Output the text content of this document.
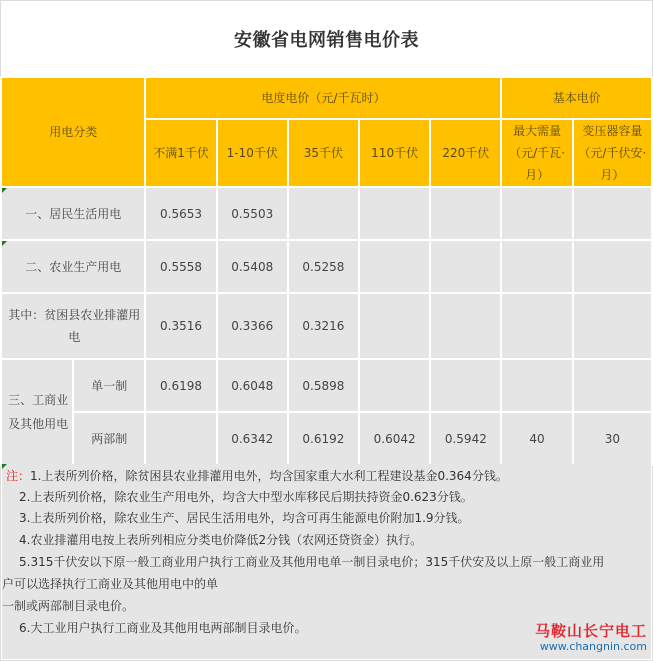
安徽省电网销售电价表
用电分类		电度电价（元/千瓦时）					基本电价	
		不满1千伏	1-10千伏	35千伏	110千伏	220千伏	最大需量（元/千瓦·月）	变压器容量（元/千伏安·月）
一、居民生活用电		0.5653	0.5503					
二、农业生产用电		0.5558	0.5408	0.5258				
其中：贫困县农业排灌用电		0.3516	0.3366	0.3216				
三、工商业及其他用电	单一制	0.6198	0.6048	0.5898				
	两部制		0.6342	0.6192	0.6042	0.5942	40	30
注：1.上表所列价格，除贫困县农业排灌用电外，均含国家重大水利工程建设基金0.364分钱。
2.上表所列价格，除农业生产用电外，均含大中型水库移民后期扶持资金0.623分钱。
3.上表所列价格，除农业生产、居民生活用电外，均含可再生能源电价附加1.9分钱。
4.农业排灌用电按上表所列相应分类电价降低2分钱（农网还贷资金）执行。
5.315千伏安以下原一般工商业用户执行工商业及其他用电单一制目录电价；315千伏安及以上原一般工商业用
户可以选择执行工商业及其他用电中的单
一制或两部制目录电价。
6.大工业用户执行工商业及其他用电两部制目录电价。	马鞍山长宁电工
www.changnin.com
